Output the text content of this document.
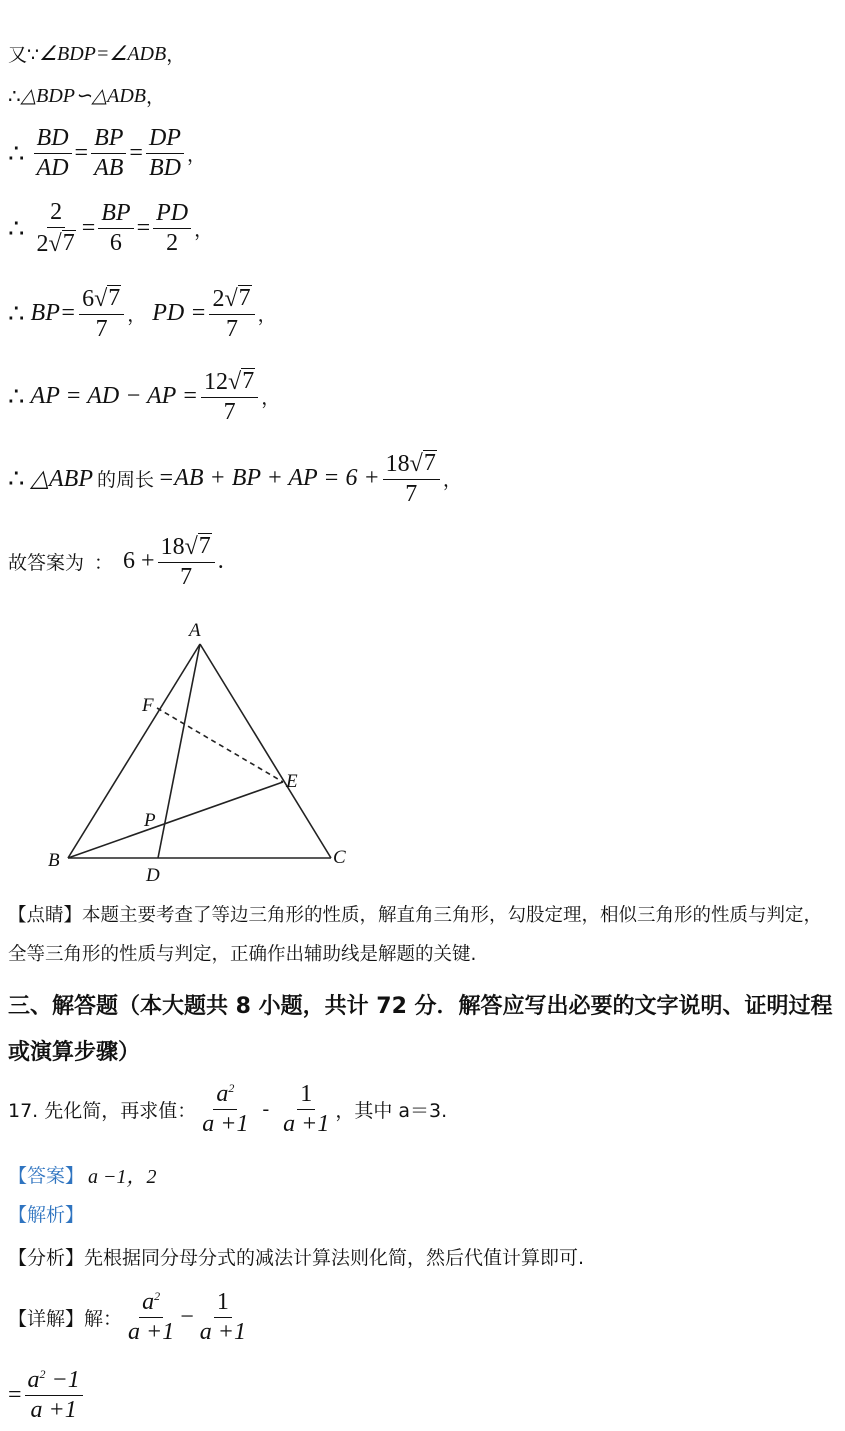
又∵ ∠BDP=∠ADB ，
∴ △BDP∽△ADB ，
∴ $\frac{BD}{AD} = \frac{BP}{AB} = \frac{DP}{BD}$ ，
∴ $\frac{2}{2 √ 7} = \frac{BP}{6} = \frac{PD}{2}$ ，
∴ $BP= \frac{6 √ 7}{7}$ ， PD = $\frac{2 √ 7}{7}$ ，
∴ AP = AD − AP = $\frac{12 √ 7}{7}$ ，
∴ △ABP 的周长 =AB + BP + AP = $6 + \frac{18 √ 7}{7}$ ，
故答案为 ： $6 + \frac{18 √ 7}{7}$ .
A
B	C
D
E
F
P
【点睛】本题主要考查了等边三角形的性质，解直角三角形，勾股定理，相似三角形的性质与判定，全等三角形的性质与判定，正确作出辅助线是解题的关键.
三、解答题（本大题共 8 小题，共计 72 分．解答应写出必要的文字说明、证明过程或演算步骤）
17. 先化简，再求值： $\frac{a^2}{a +1} - \frac{1}{a +1}$ ，其中 a＝3.
【答案】 a −1，2
【解析】
【分析】 先根据同分母分式的减法计算法则化简，然后代值计算即可.
【详解】 解： $\frac{a^2}{a +1} - \frac{1}{a +1}$
= $\frac{a^2 -1}{a +1}$
